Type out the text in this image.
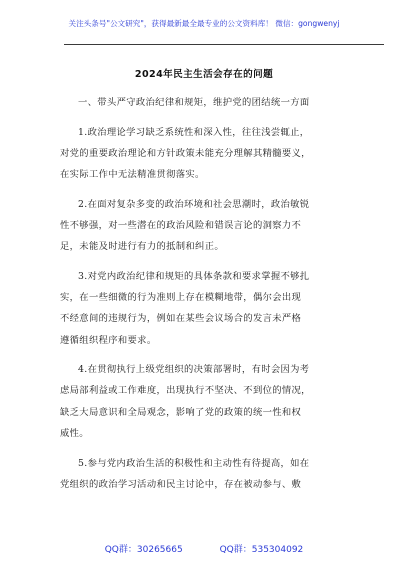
关注头条号"公文研究"，获得最新最全最专业的公文资料库！ 微信：gongwenyj
2024年民主生活会存在的问题

一、带头严守政治纪律和规矩，维护党的团结统一方面

1.政治理论学习缺乏系统性和深入性，往往浅尝辄止，
对党的重要政治理论和方针政策未能充分理解其精髓要义，
在实际工作中无法精准贯彻落实。

2.在面对复杂多变的政治环境和社会思潮时，政治敏锐
性不够强，对一些潜在的政治风险和错误言论的洞察力不
足，未能及时进行有力的抵制和纠正。

3.对党内政治纪律和规矩的具体条款和要求掌握不够扎
实，在一些细微的行为准则上存在模糊地带，偶尔会出现
不经意间的违规行为，例如在某些会议场合的发言未严格
遵循组织程序和要求。

4.在贯彻执行上级党组织的决策部署时，有时会因为考
虑局部利益或工作难度，出现执行不坚决、不到位的情况，
缺乏大局意识和全局观念，影响了党的政策的统一性和权
威性。

5.参与党内政治生活的积极性和主动性有待提高，如在
党组织的政治学习活动和民主讨论中，存在被动参与、敷

QQ群：30265665	QQ群：535304092
